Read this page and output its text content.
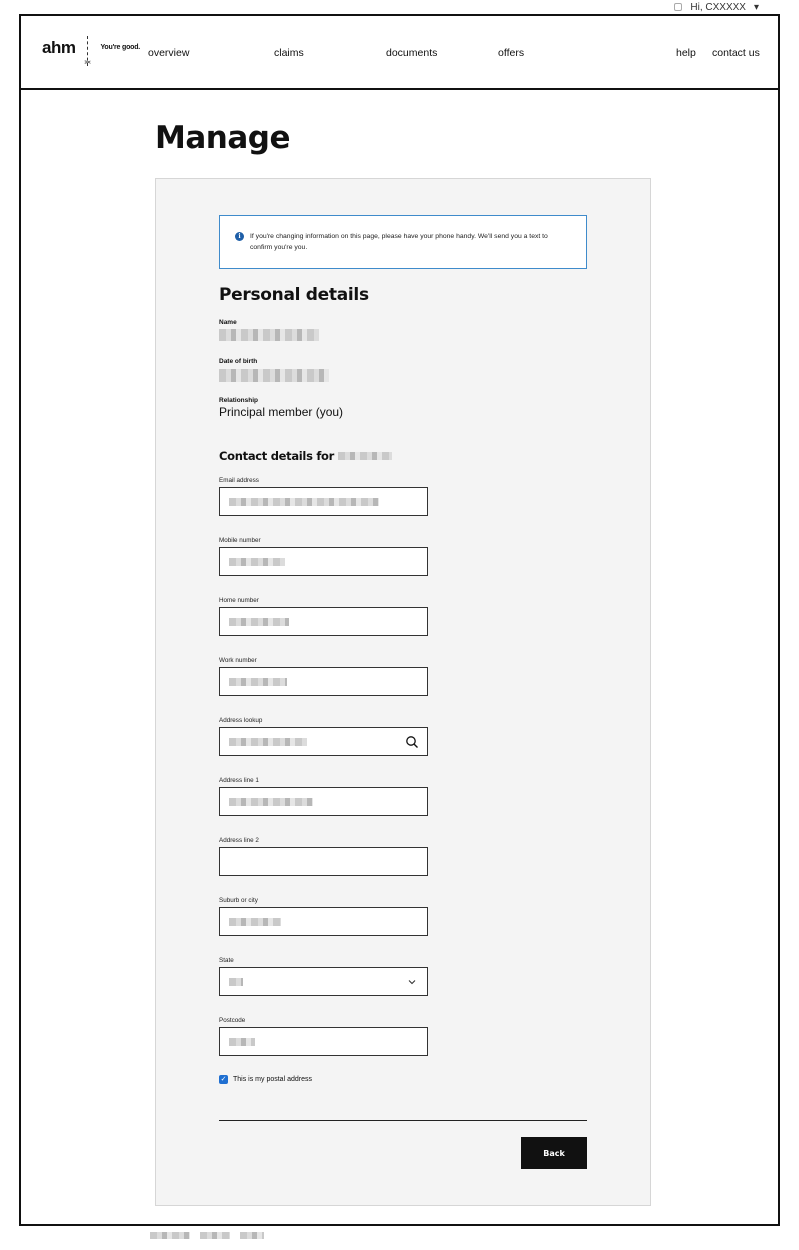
Hi, CXXXXX ▾
ahm
✂
You're good. overview	claims	documents	offers	help contact us
Manage
i	If you're changing information on this page, please have your phone handy. We'll send you a text to confirm you're you.
Personal details
Name
Date of birth
Relationship
Principal member (you)
Contact details for
Email address
Mobile number
Home number
Work number
Address lookup
Address line 1
Address line 2
Suburb or city
State
Postcode
✓ This is my postal address
Back
